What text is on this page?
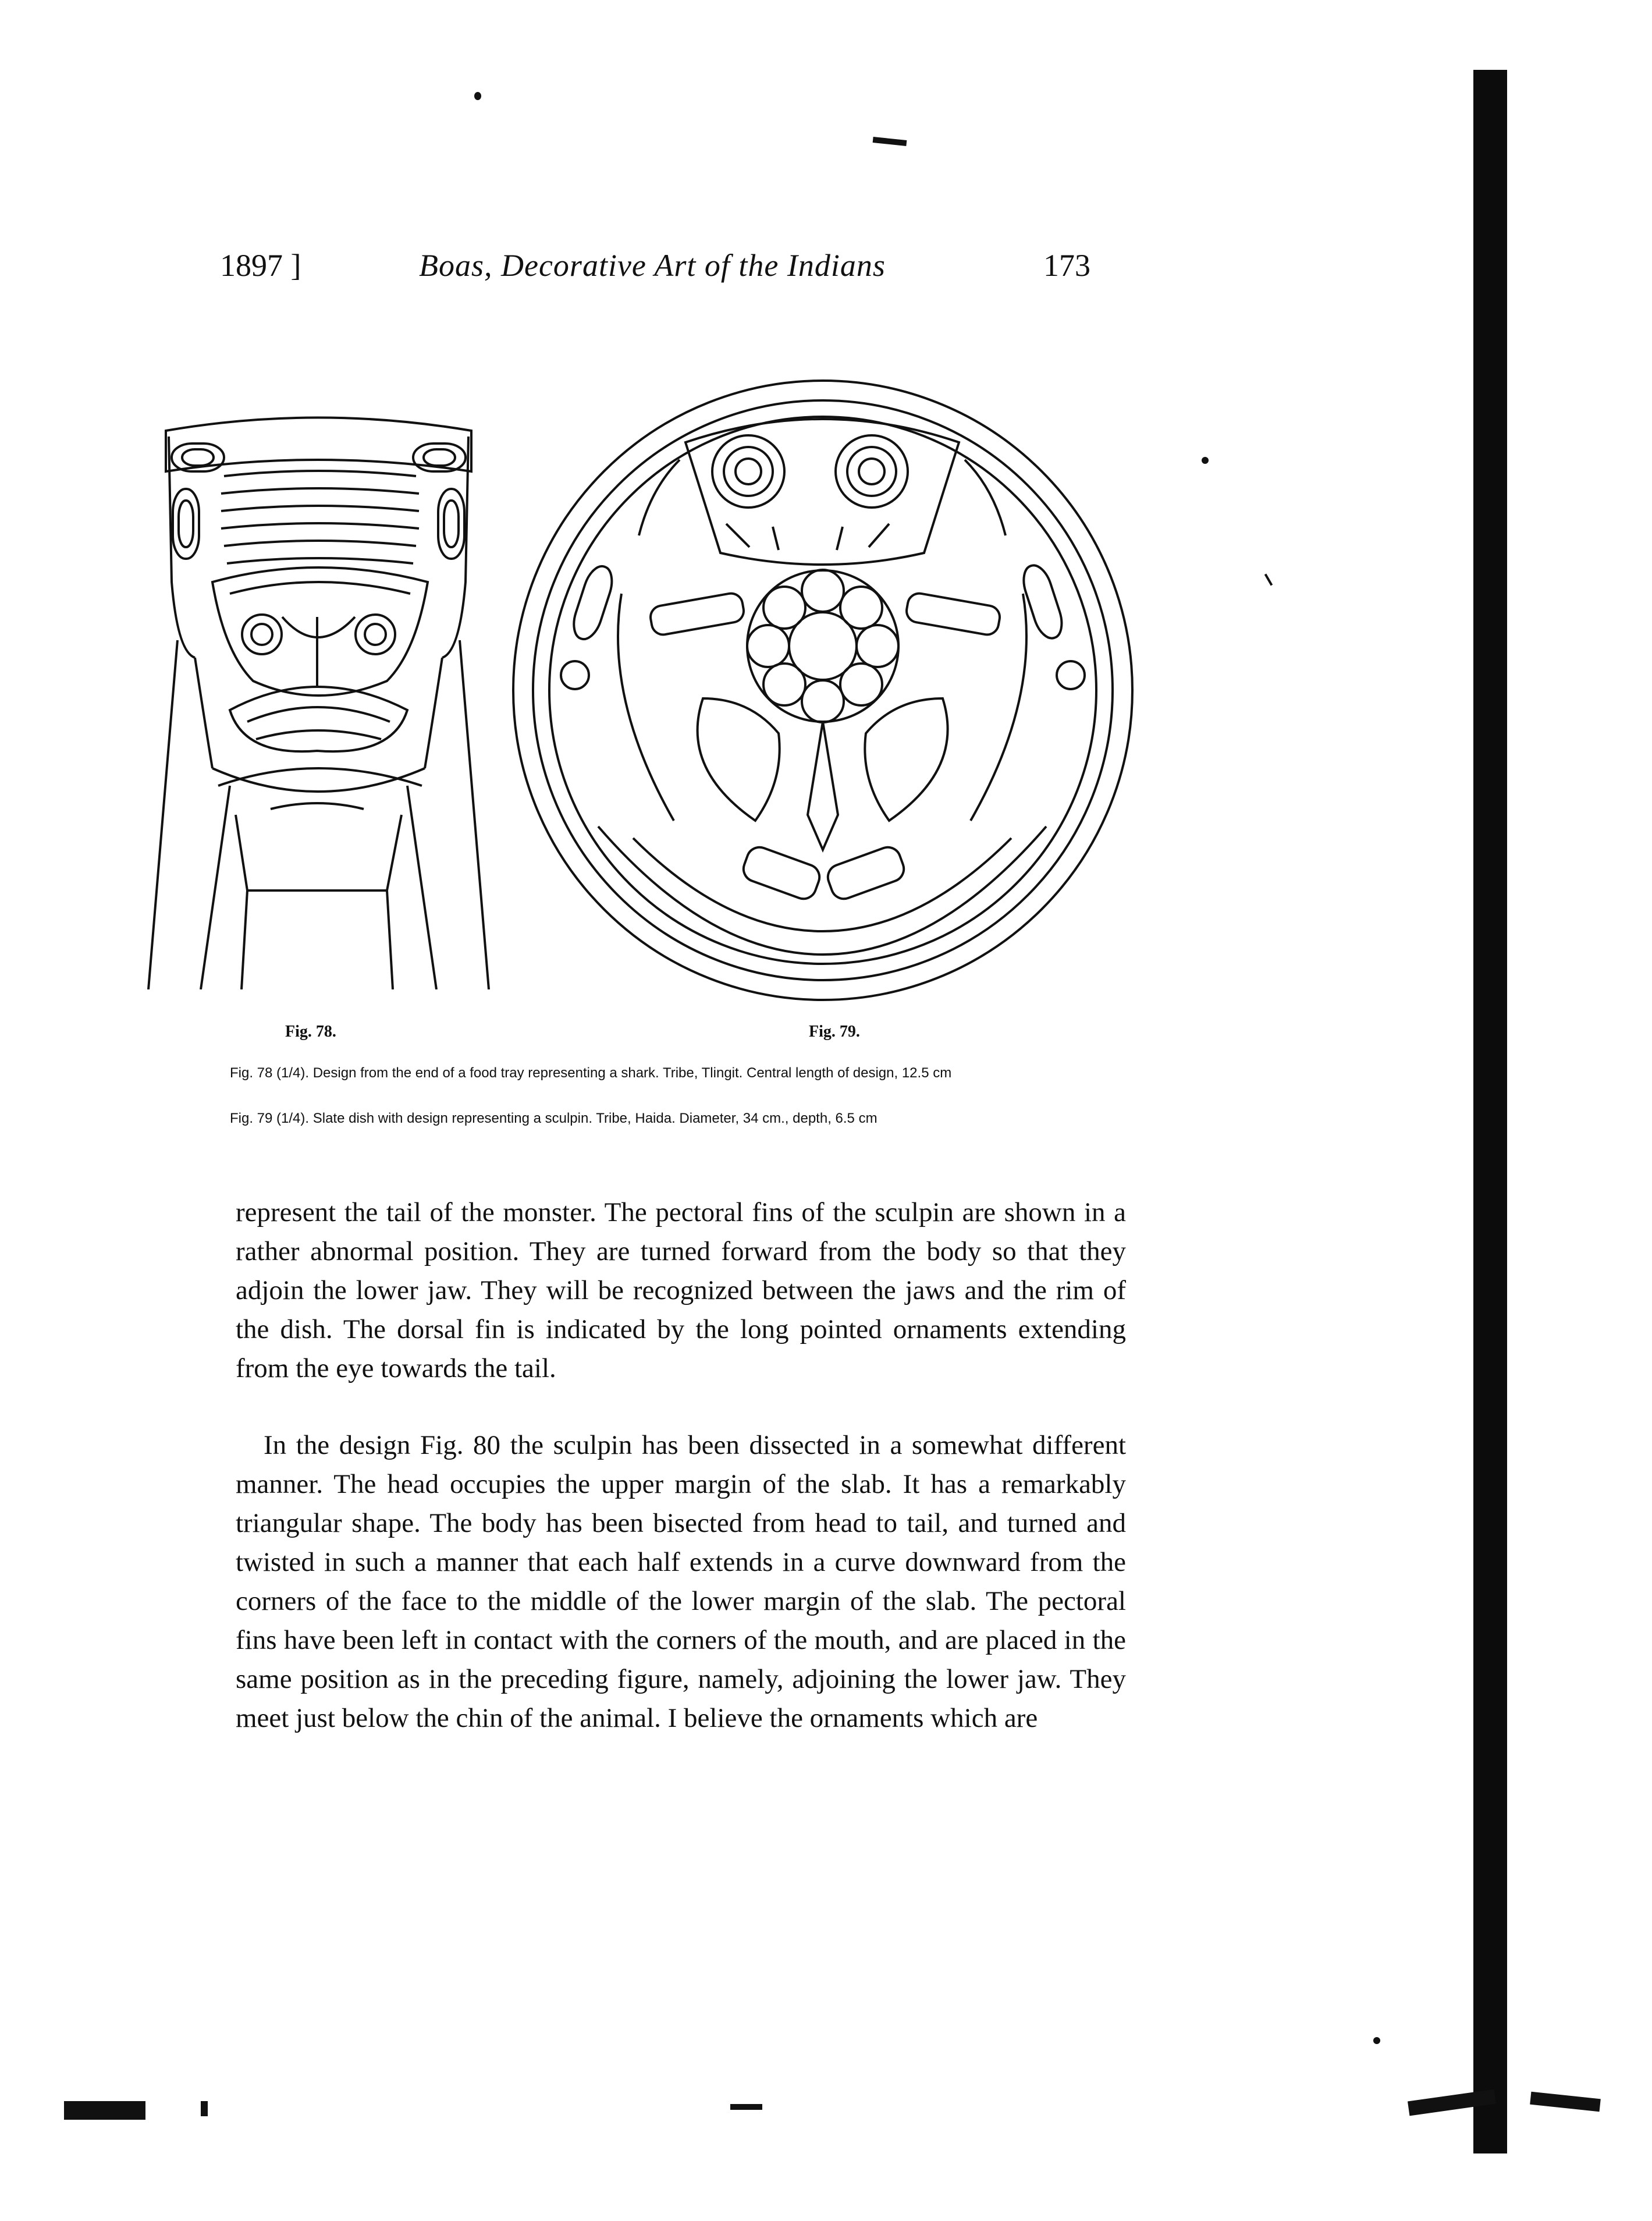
1897 ]	Boas, Decorative Art of the Indians	173
Fig. 78.	Fig. 79.
Fig. 78 (1/4). Design from the end of a food tray representing a shark. Tribe, Tlingit. Central length of design, 12.5 cm
Fig. 79 (1/4). Slate dish with design representing a sculpin. Tribe, Haida. Diameter, 34 cm., depth, 6.5 cm
represent the tail of the monster. The pectoral fins of the sculpin are shown in a rather abnormal position. They are turned forward from the body so that they adjoin the lower jaw. They will be recognized between the jaws and the rim of the dish. The dorsal fin is indicated by the long pointed ornaments extending from the eye towards the tail.
In the design Fig. 80 the sculpin has been dissected in a somewhat different manner. The head occupies the upper margin of the slab. It has a remarkably triangular shape. The body has been bisected from head to tail, and turned and twisted in such a manner that each half extends in a curve downward from the corners of the face to the middle of the lower margin of the slab. The pectoral fins have been left in contact with the corners of the mouth, and are placed in the same position as in the preceding figure, namely, adjoining the lower jaw. They meet just below the chin of the animal. I believe the ornaments which are
